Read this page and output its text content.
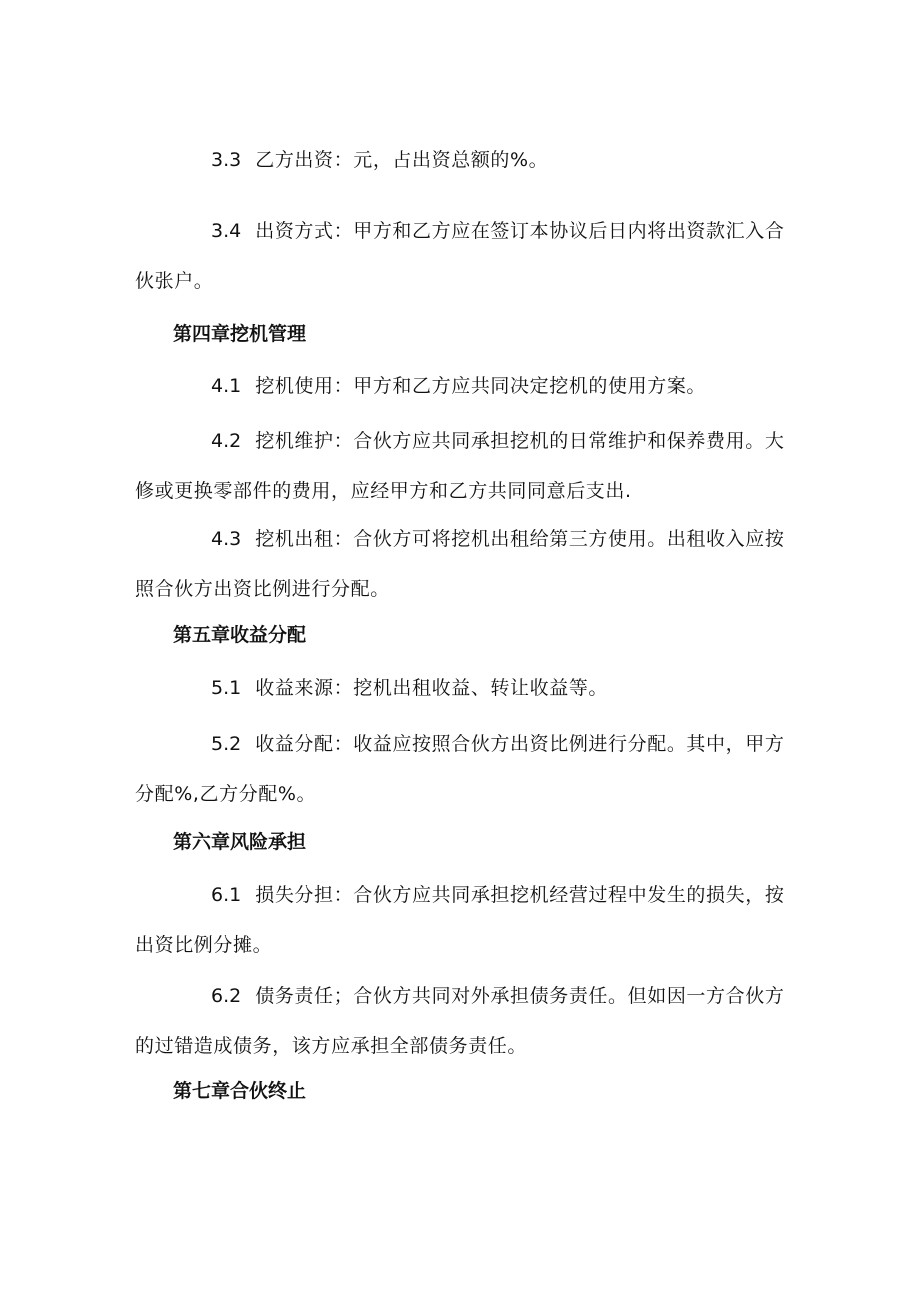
3.3 乙方出资：元，占出资总额的%。
3.4 出资方式：甲方和乙方应在签订本协议后日内将出资款汇入合伙张户。
第四章挖机管理
4.1 挖机使用：甲方和乙方应共同决定挖机的使用方案。
4.2 挖机维护：合伙方应共同承担挖机的日常维护和保养费用。大修或更换零部件的费用，应经甲方和乙方共同同意后支出.
4.3 挖机出租：合伙方可将挖机出租给第三方使用。出租收入应按照合伙方出资比例进行分配。
第五章收益分配
5.1 收益来源：挖机出租收益、转让收益等。
5.2 收益分配：收益应按照合伙方出资比例进行分配。其中，甲方分配%,乙方分配%。
第六章风险承担
6.1 损失分担：合伙方应共同承担挖机经营过程中发生的损失，按出资比例分摊。
6.2 债务责任；合伙方共同对外承担债务责任。但如因一方合伙方的过错造成债务，该方应承担全部债务责任。
第七章合伙终止
